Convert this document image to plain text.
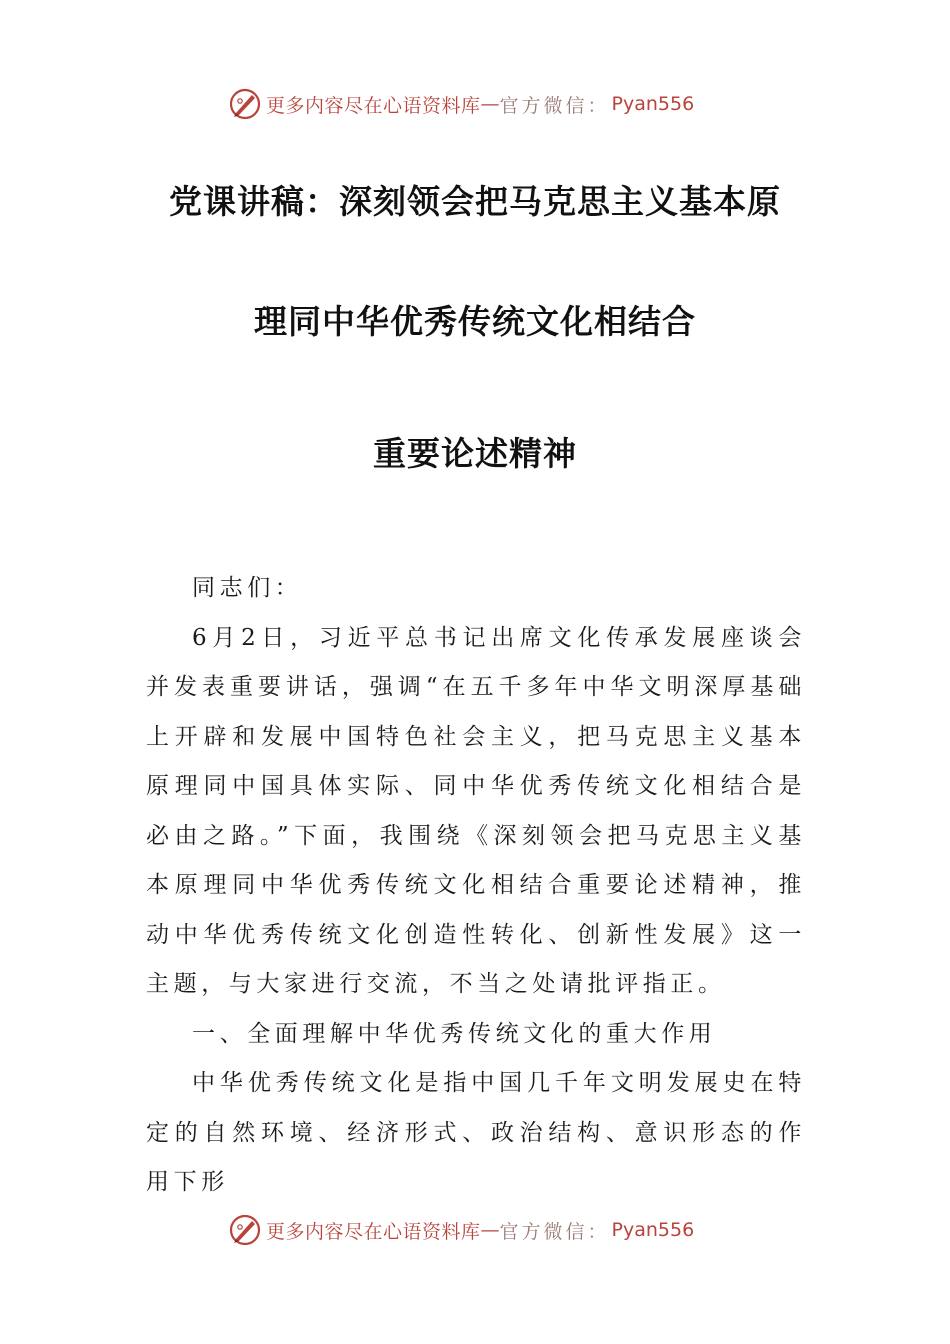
更多内容尽在心语资料库 — 官方微信： Pyan556
党课讲稿：深刻领会把马克思主义基本原
理同中华优秀传统文化相结合
重要论述精神

同志们：

6月2日，习近平总书记出席文化传承发展座谈会并发表重要讲话，强调“在五千多年中华文明深厚基础上开辟和发展中国特色社会主义，把马克思主义基本原理同中国具体实际、同中华优秀传统文化相结合是必由之路。”下面，我围绕《深刻领会把马克思主义基本原理同中华优秀传统文化相结合重要论述精神，推动中华优秀传统文化创造性转化、创新性发展》这一主题，与大家进行交流，不当之处请批评指正。

一、全面理解中华优秀传统文化的重大作用

中华优秀传统文化是指中国几千年文明发展史在特定的自然环境、经济形式、政治结构、意识形态的作用下形

更多内容尽在心语资料库 — 官方微信： Pyan556
